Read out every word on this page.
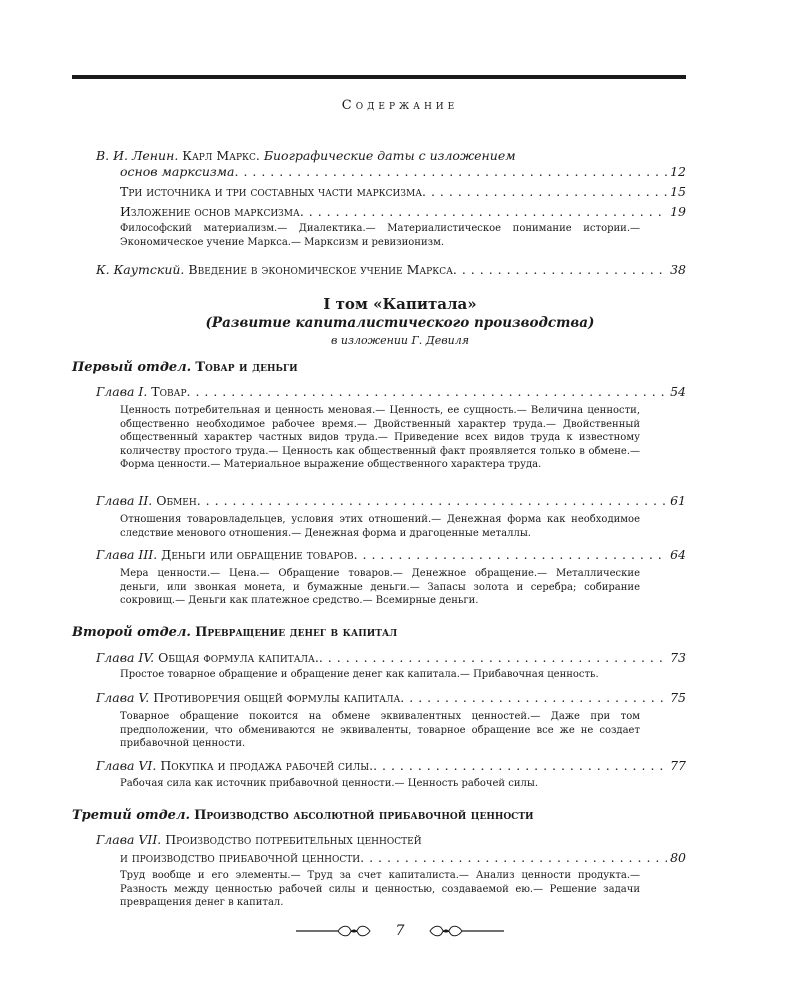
Содержание
В. И. Ленин. Карл Маркс. Биографические даты с изложением
основ марксизма . . .	12
Три источника и три составных части марксизма . . .	15
Изложение основ марксизма . . .	19
Философский материализм.— Диалектика.— Материалистическое понимание истории.— Экономическое учение Маркса.— Марксизм и ревизионизм.
К. Каутский. Введение в экономическое учение Маркса . . .	38
I том «Капитала»
(Развитие капиталистического производства)
в изложении Г. Девиля
Первый отдел. Товар и деньги
Глава I. Товар . . .	54
Ценность потребительная и ценность меновая.— Ценность, ее сущность.— Величина ценности, общественно необходимое рабочее время.— Двойственный характер труда.— Двойственный общественный характер частных видов труда.— Приведение всех видов труда к известному количеству простого труда.— Ценность как общественный факт проявляется только в обмене.— Форма ценности.— Материальное выражение общественного характера труда.
Глава II. Обмен . . .	61
Отношения товаровладельцев, условия этих отношений.— Денежная форма как необходимое следствие менового отношения.— Денежная форма и драгоценные металлы.
Глава III. Деньги или обращение товаров . . .	64
Мера ценности.— Цена.— Обращение товаров.— Денежное обращение.— Металлические деньги, или звонкая монета, и бумажные деньги.— Запасы золота и серебра; собирание сокровищ.— Деньги как платежное средство.— Всемирные деньги.
Второй отдел. Превращение денег в капитал
Глава IV. Общая формула капитала. . . .	73
Простое товарное обращение и обращение денег как капитала.— Прибавочная ценность.
Глава V. Противоречия общей формулы капитала . . .	75
Товарное обращение покоится на обмене эквивалентных ценностей.— Даже при том предположении, что обмениваются не эквиваленты, товарное обращение все же не создает прибавочной ценности.
Глава VI. Покупка и продажа рабочей силы. . . .	77
Рабочая сила как источник прибавочной ценности.— Ценность рабочей силы.
Третий отдел. Производство абсолютной прибавочной ценности
Глава VII. Производство потребительных ценностей
и производство прибавочной ценности . . .	80
Труд вообще и его элементы.— Труд за счет капиталиста.— Анализ ценности продукта.— Разность между ценностью рабочей силы и ценностью, создаваемой ею.— Решение задачи превращения денег в капитал.
7
